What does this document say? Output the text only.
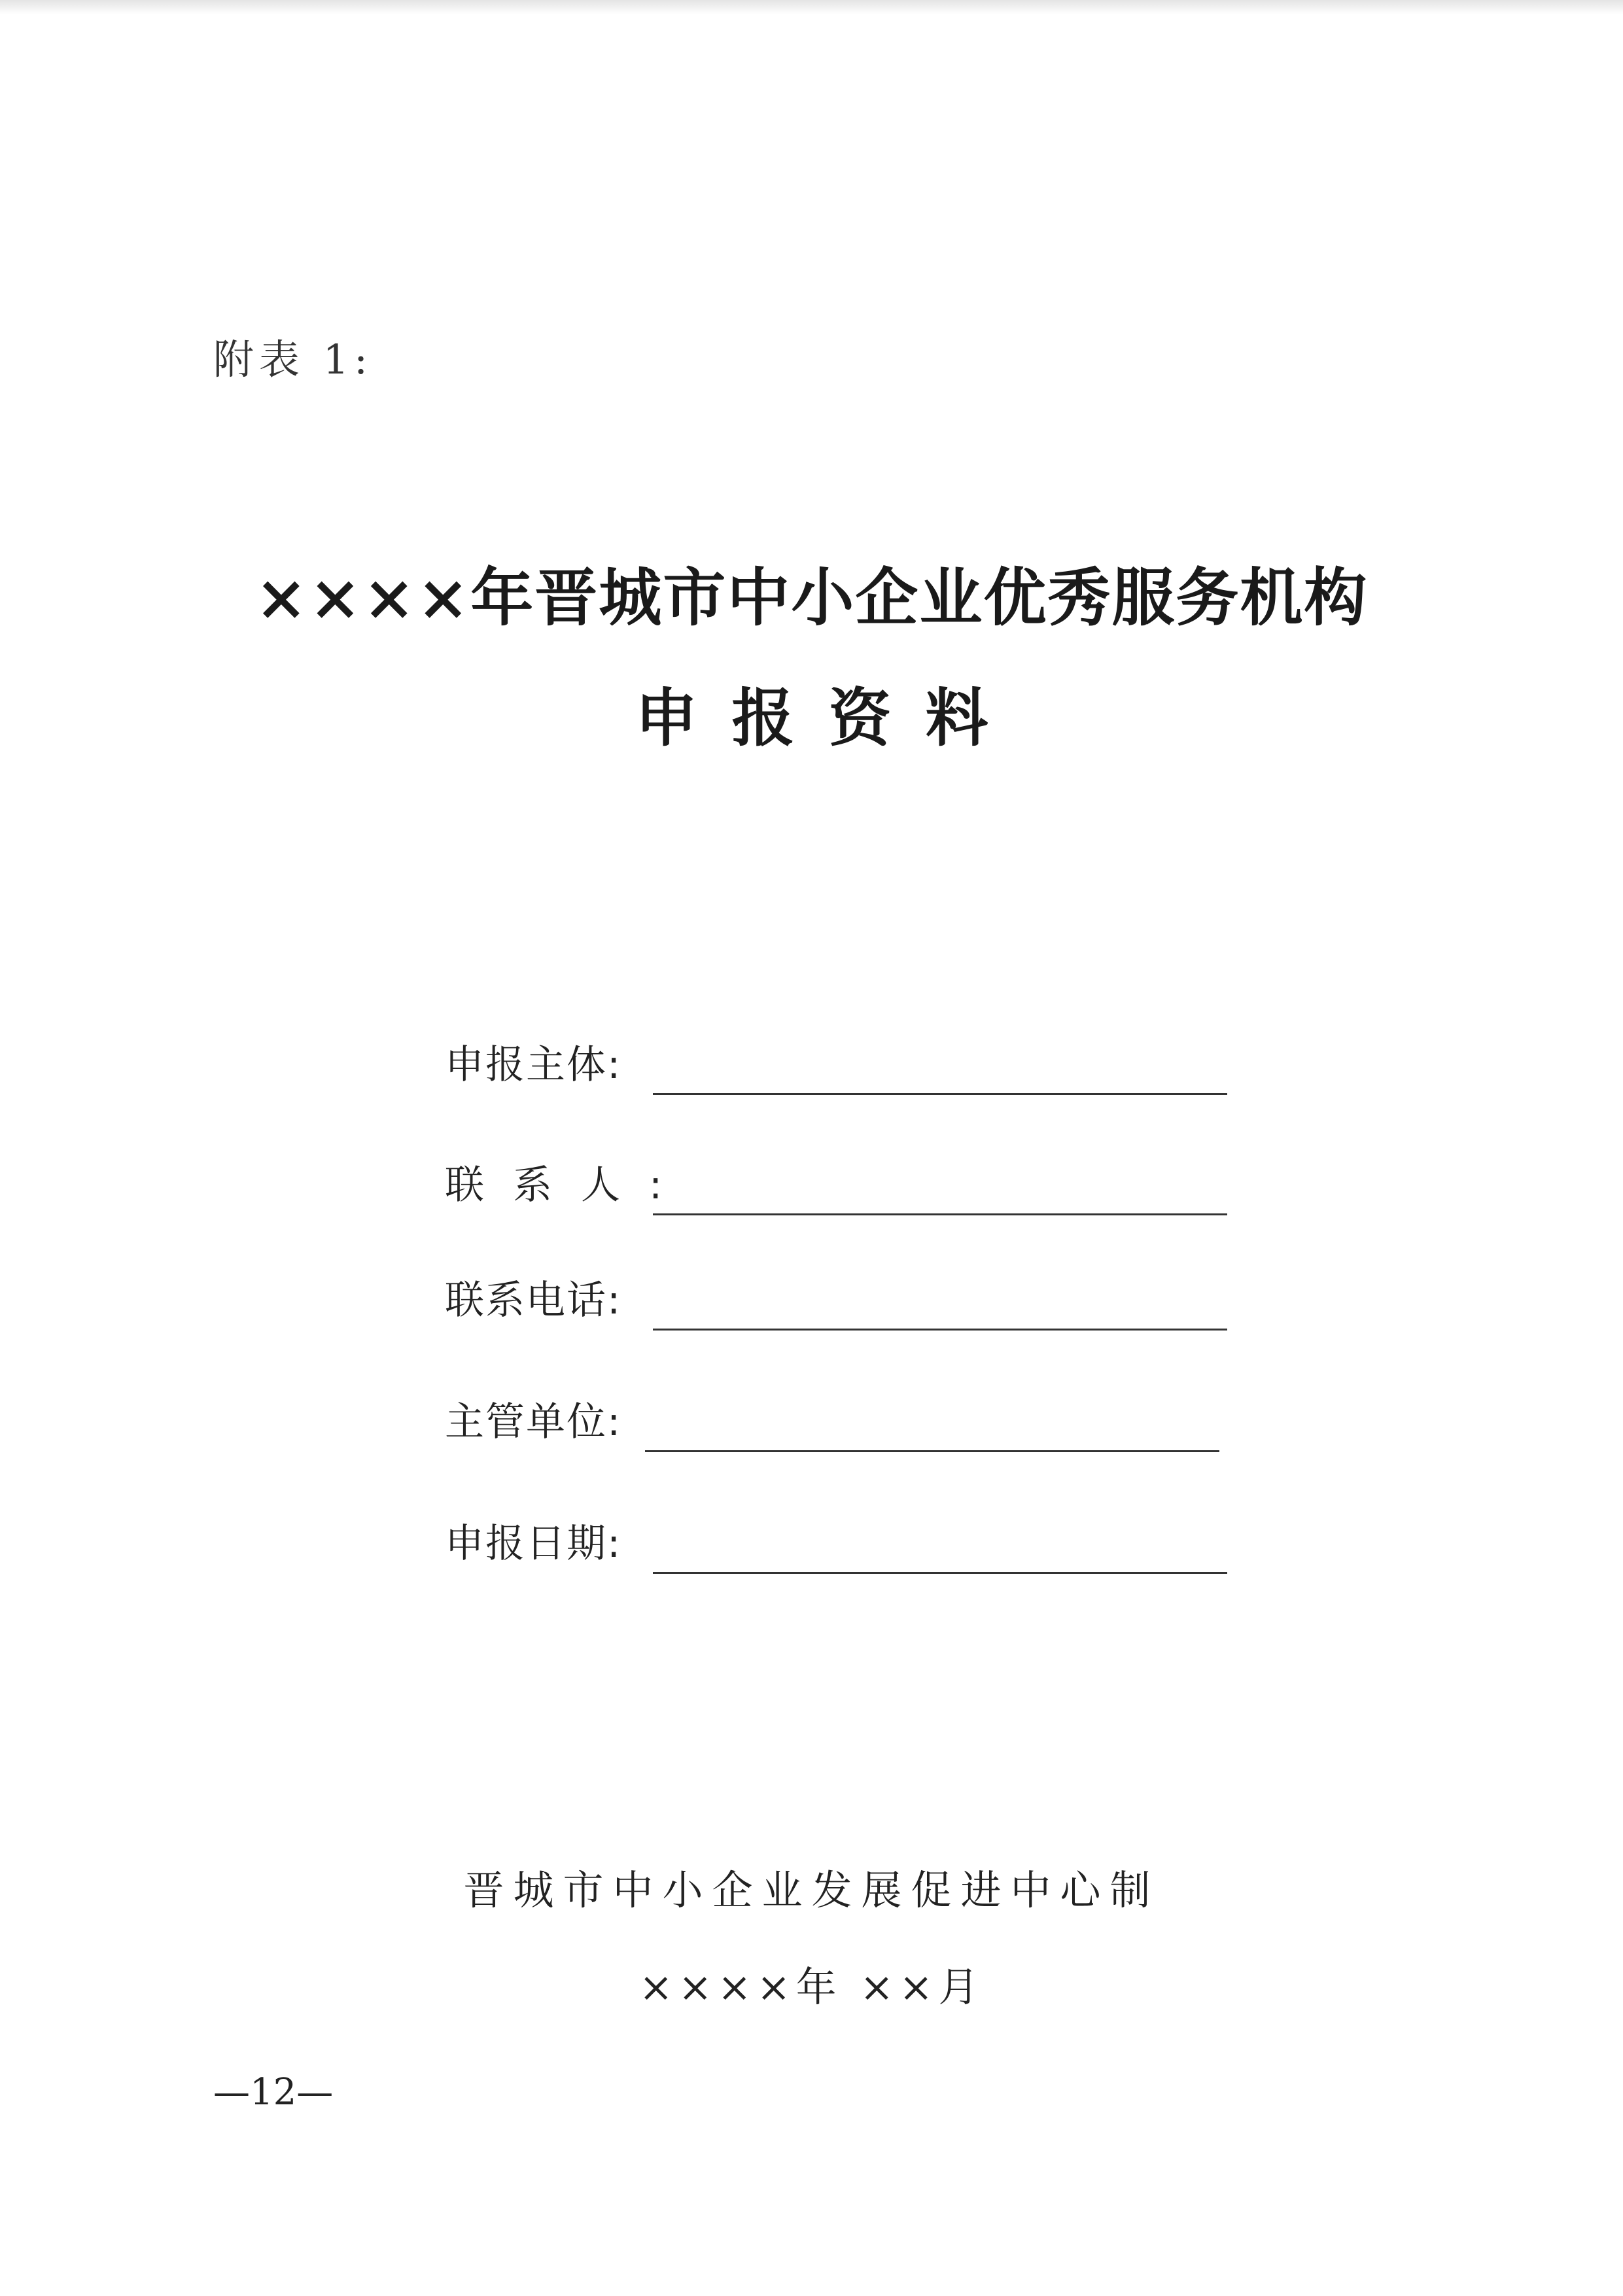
附表 1:
××××年晋城市中小企业优秀服务机构
申报资料
申报主体:
联系人:
联系电话:
主管单位:
申报日期:
晋城市中小企业发展促进中心制
××××年 ××月
—12—
